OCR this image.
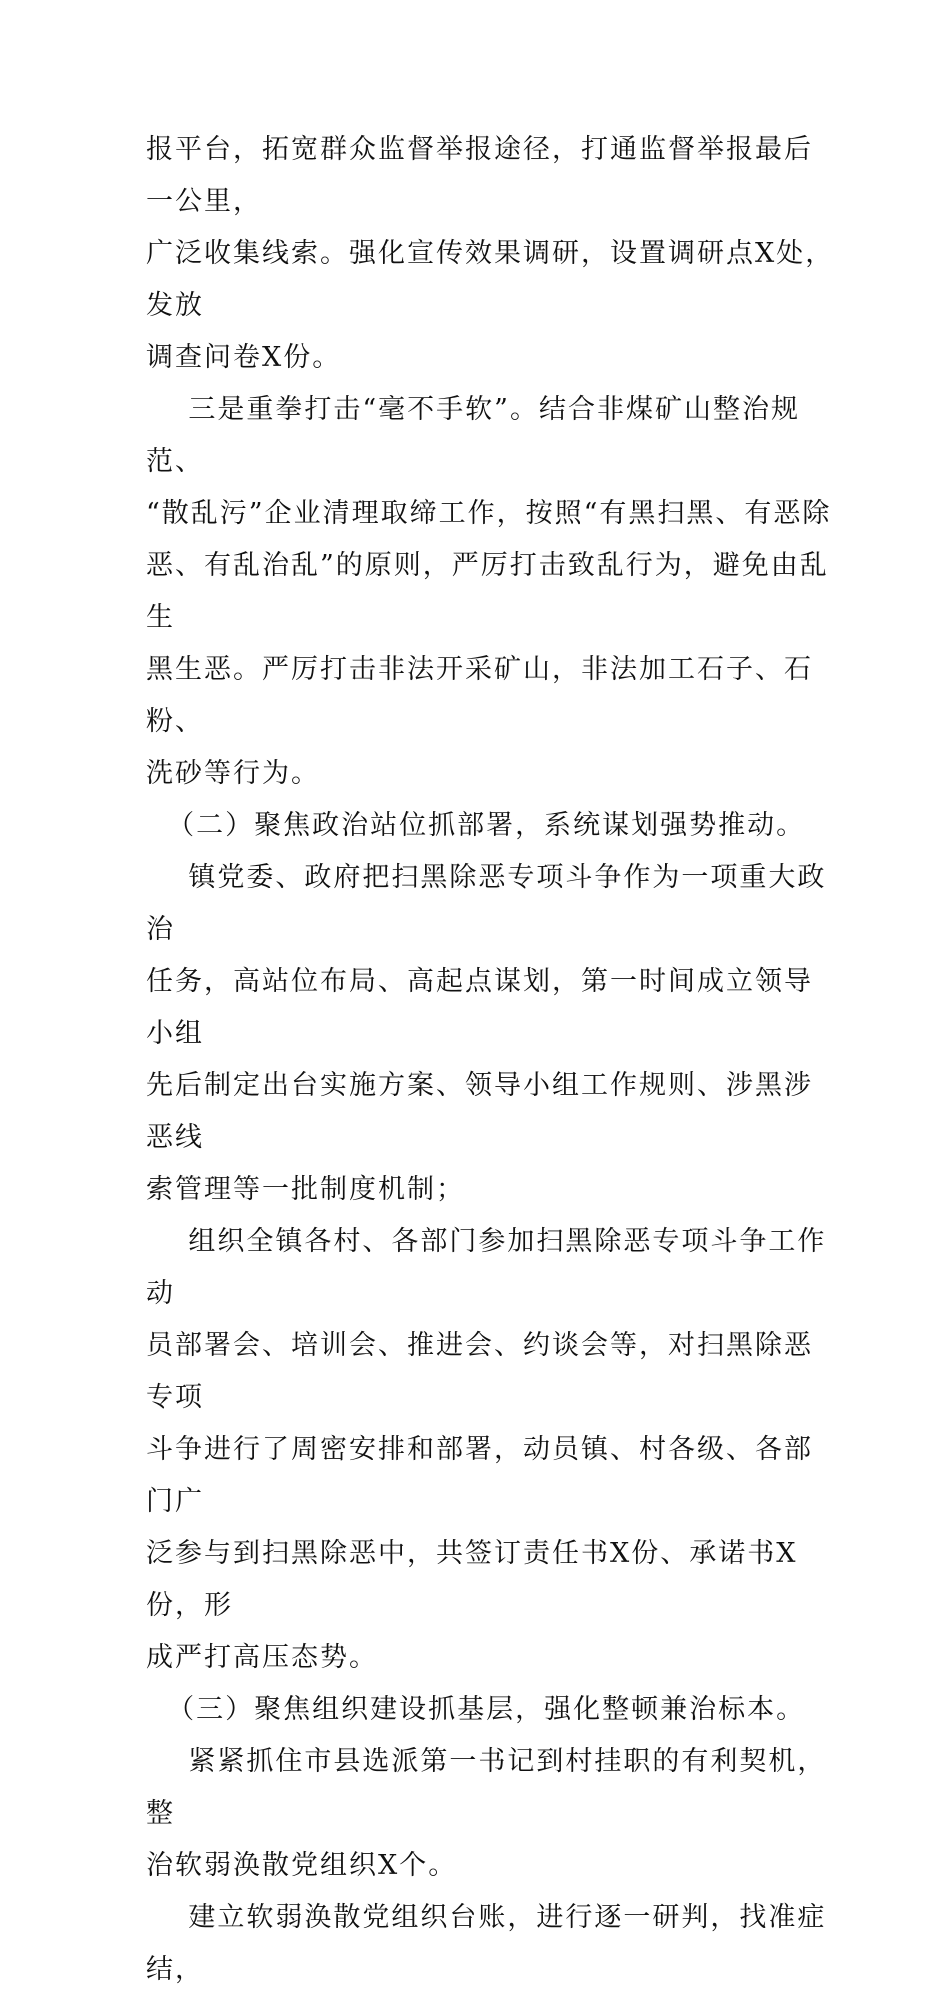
报平台，拓宽群众监督举报途径，打通监督举报最后一公里，

广泛收集线索。强化宣传效果调研，设置调研点X处，发放

调查问卷X份。

三是重拳打击“毫不手软”。结合非煤矿山整治规范、

“散乱污”企业清理取缔工作，按照“有黑扫黑、有恶除

恶、有乱治乱”的原则，严厉打击致乱行为，避免由乱生

黑生恶。严厉打击非法开采矿山，非法加工石子、石粉、

洗砂等行为。

（二）聚焦政治站位抓部署，系统谋划强势推动。

镇党委、政府把扫黑除恶专项斗争作为一项重大政治

任务，高站位布局、高起点谋划，第一时间成立领导小组

先后制定出台实施方案、领导小组工作规则、涉黑涉恶线

索管理等一批制度机制；

组织全镇各村、各部门参加扫黑除恶专项斗争工作动

员部署会、培训会、推进会、约谈会等，对扫黑除恶专项

斗争进行了周密安排和部署，动员镇、村各级、各部门广

泛参与到扫黑除恶中，共签订责任书X份、承诺书X份，形

成严打高压态势。

（三）聚焦组织建设抓基层，强化整顿兼治标本。

紧紧抓住市县选派第一书记到村挂职的有利契机，整

治软弱涣散党组织X个。

建立软弱涣散党组织台账，进行逐一研判，找准症结，
